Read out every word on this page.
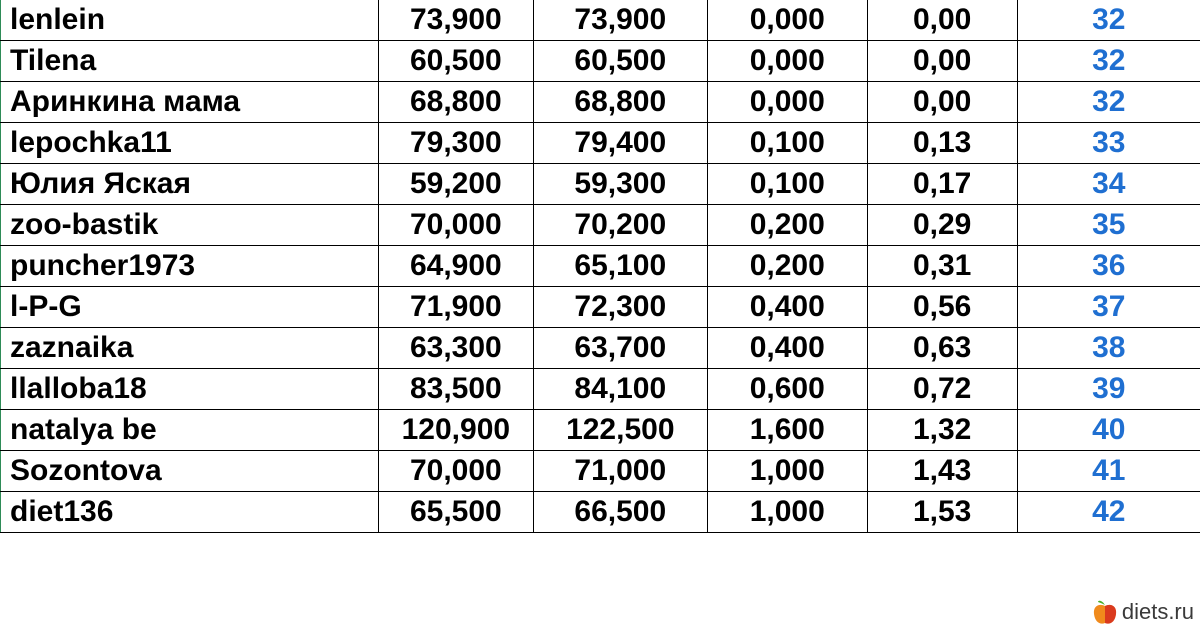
lenlein	73,900	73,900	0,000	0,00	32
Tilena	60,500	60,500	0,000	0,00	32
Аринкина мама	68,800	68,800	0,000	0,00	32
lepochka11	79,300	79,400	0,100	0,13	33
Юлия Яская	59,200	59,300	0,100	0,17	34
zoo-bastik	70,000	70,200	0,200	0,29	35
puncher1973	64,900	65,100	0,200	0,31	36
l-P-G	71,900	72,300	0,400	0,56	37
zaznaika	63,300	63,700	0,400	0,63	38
llalloba18	83,500	84,100	0,600	0,72	39
natalya be	120,900	122,500	1,600	1,32	40
Sozontova	70,000	71,000	1,000	1,43	41
diet136	65,500	66,500	1,000	1,53	42
diets.ru
